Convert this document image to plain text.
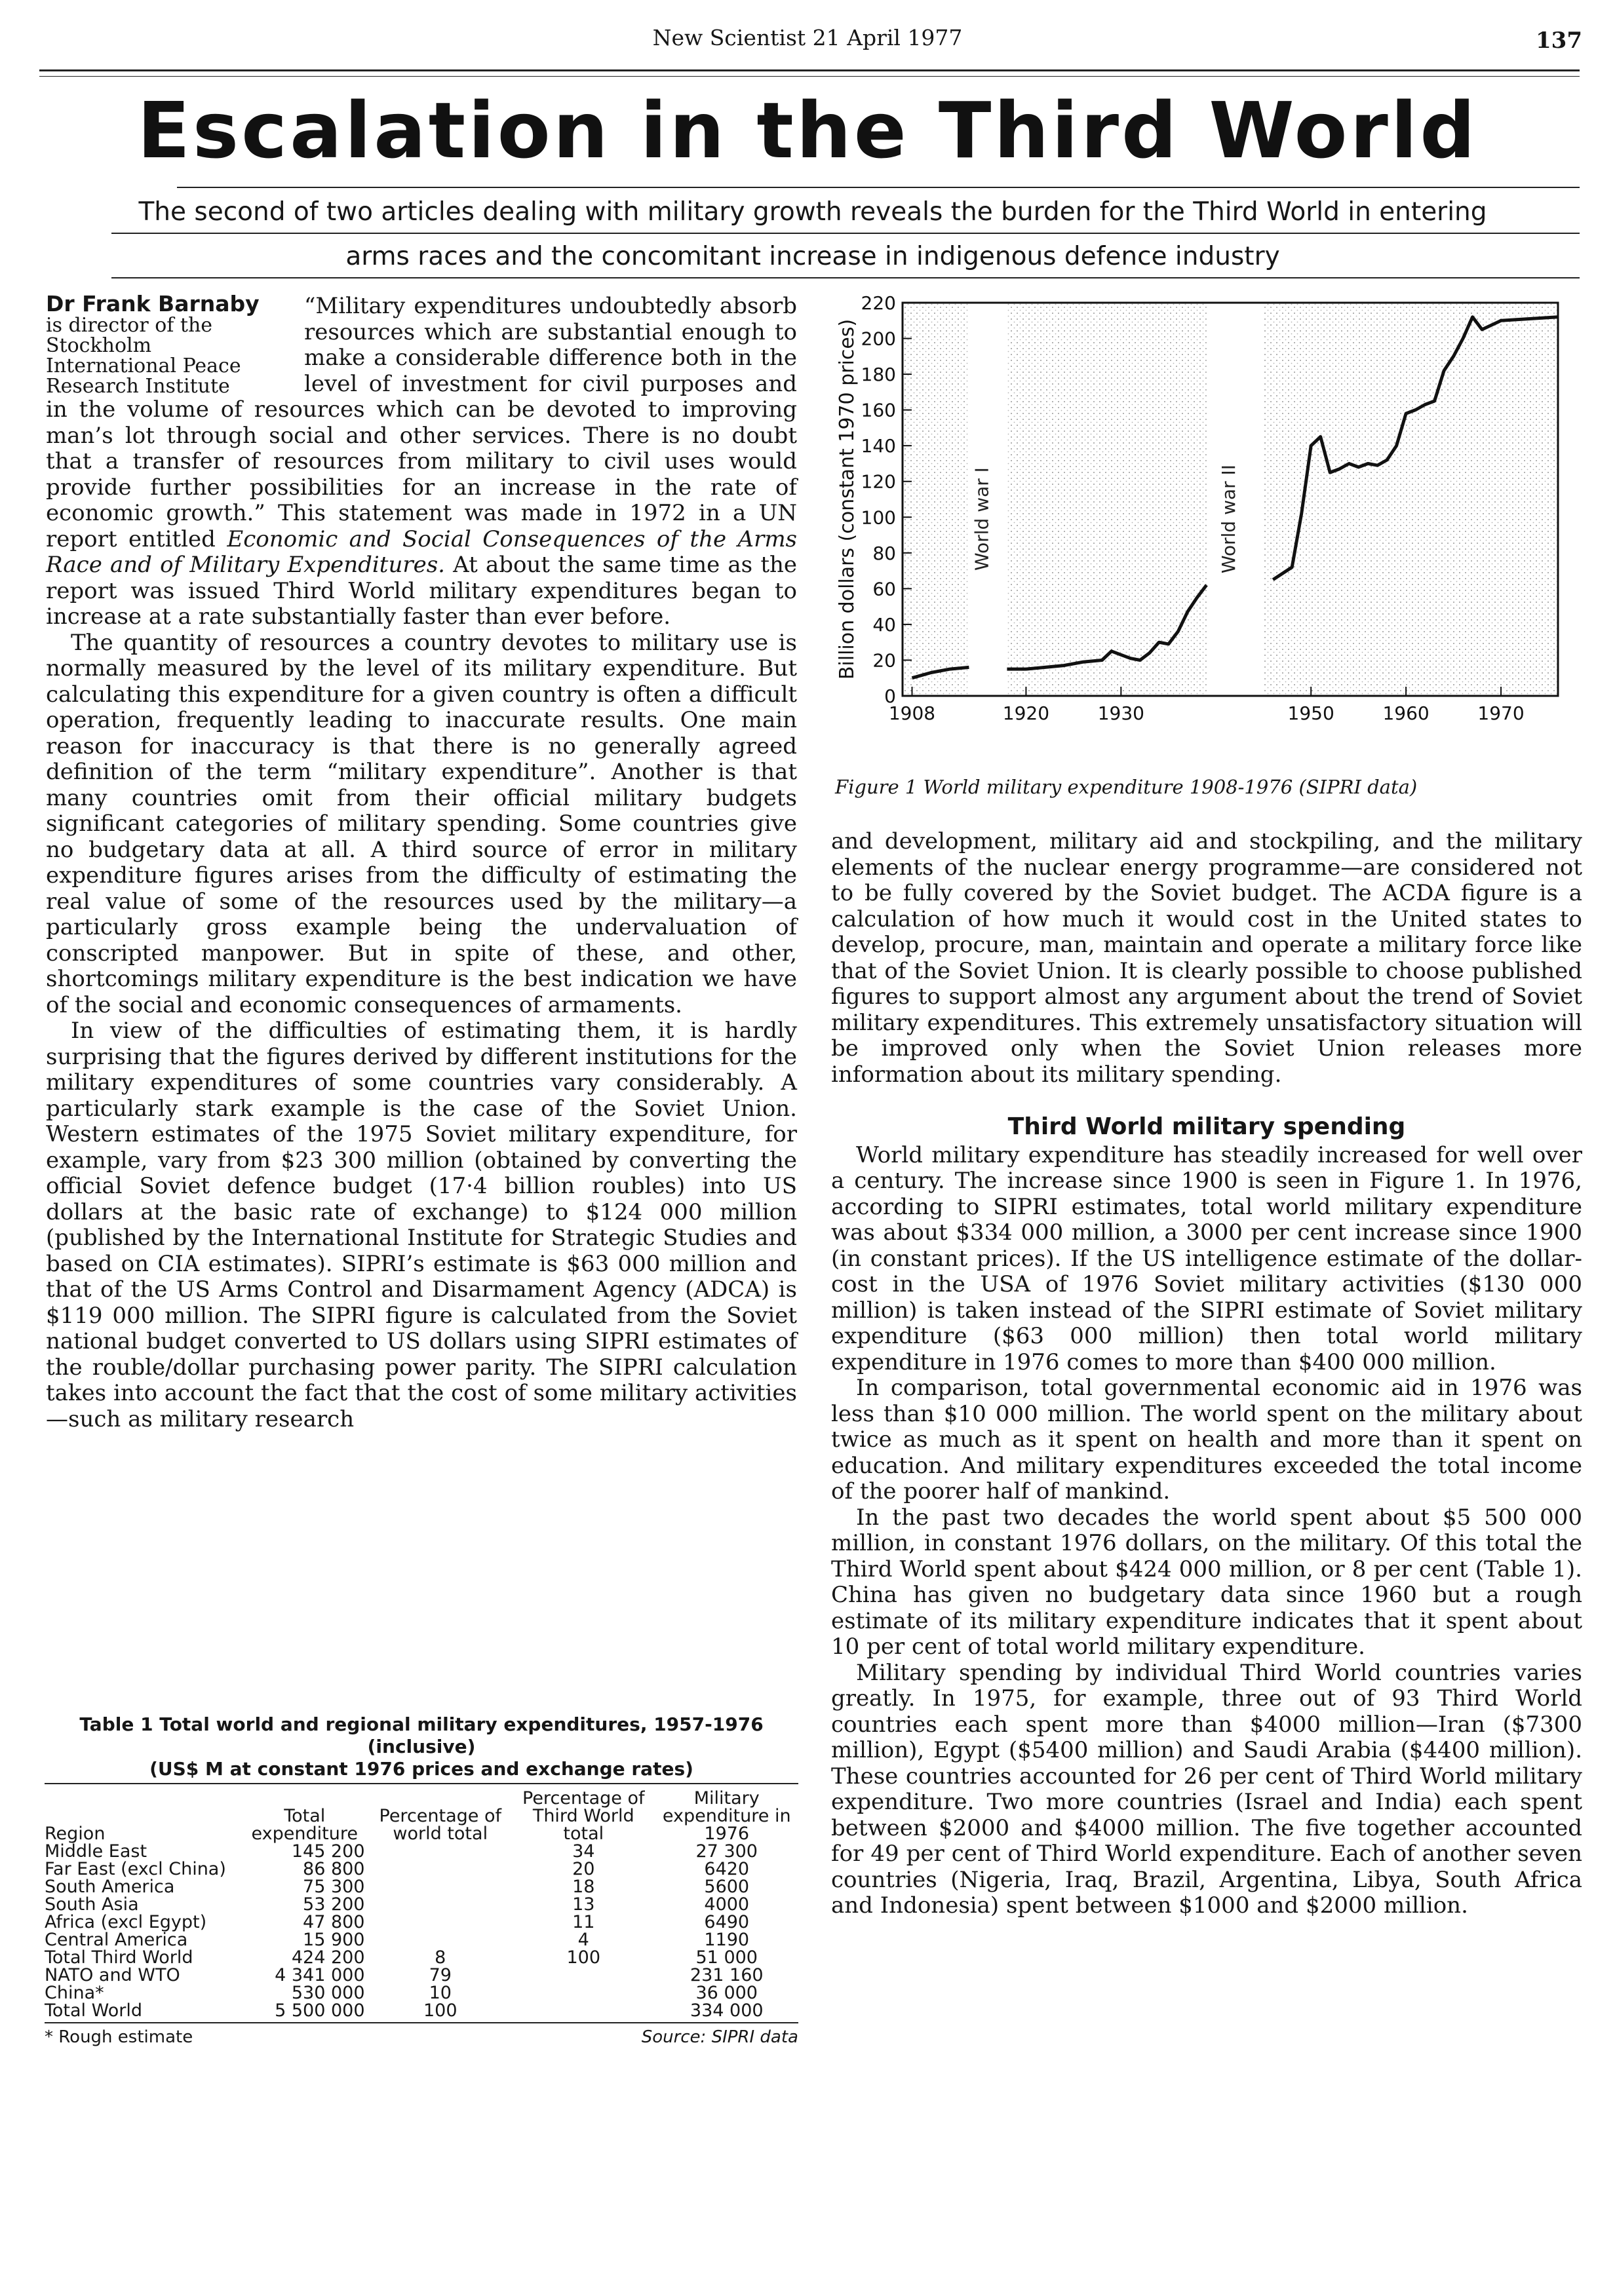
New Scientist 21 April 1977	137
Escalation in the Third World
The second of two articles dealing with military growth reveals the burden for the Third World in entering arms races and the concomitant increase in indigenous defence industry
Dr Frank Barnaby
is director of the Stockholm International Peace Research Institute

“Military expenditures undoubtedly absorb resources which are substantial enough to make a considerable difference both in the level of investment for civil purposes and in the volume of resources which can be devoted to improving man’s lot through social and other services. There is no doubt that a transfer of resources from military to civil uses would provide further possibilities for an increase in the rate of economic growth.” This statement was made in 1972 in a UN report entitled Economic and Social Consequences of the Arms Race and of Military Expenditures. At about the same time as the report was issued Third World military expenditures began to increase at a rate substantially faster than ever before.

The quantity of resources a country devotes to military use is normally measured by the level of its military expenditure. But calculating this expenditure for a given country is often a difficult operation, frequently leading to inaccurate results. One main reason for inaccuracy is that there is no generally agreed definition of the term “military expenditure”. Another is that many countries omit from their official military budgets significant categories of military spending. Some countries give no budgetary data at all. A third source of error in military expenditure figures arises from the difficulty of estimating the real value of some of the resources used by the military—a particularly gross example being the undervaluation of conscripted manpower. But in spite of these, and other, shortcomings military expenditure is the best indication we have of the social and economic consequences of armaments.

In view of the difficulties of estimating them, it is hardly surprising that the figures derived by different institutions for the military expenditures of some countries vary considerably. A particularly stark example is the case of the Soviet Union. Western estimates of the 1975 Soviet military expenditure, for example, vary from $23 300 million (obtained by converting the official Soviet defence budget (17·4 billion roubles) into US dollars at the basic rate of exchange) to $124 000 million (published by the International Institute for Strategic Studies and based on CIA estimates). SIPRI’s estimate is $63 000 million and that of the US Arms Control and Disarmament Agency (ADCA) is $119 000 million. The SIPRI figure is calculated from the Soviet national budget converted to US dollars using SIPRI estimates of the rouble/dollar purchasing power parity. The SIPRI calculation takes into account the fact that the cost of some military activities—such as military research

Table 1 Total world and regional military expenditures, 1957-1976 (inclusive)
(US$ M at constant 1976 prices and exchange rates)
Region	Total expenditure	Percentage of world total	Percentage of Third World total	Military expenditure in 1976
Middle East	145 200		34	27 300
Far East (excl China)	86 800		20	6420
South America	75 300		18	5600
South Asia	53 200		13	4000
Africa (excl Egypt)	47 800		11	6490
Central America	15 900		4	1190
Total Third World	424 200	8	100	51 000
NATO and WTO	4 341 000	79		231 160
China*	530 000	10		36 000
Total World	5 500 000	100		334 000
* Rough estimate	Source: SIPRI data
World war I	World war II
0
20
40
60
80
100
120
140
160
180
200
220
1908	1920	1930	1950	1960	1970
Billion dollars (constant 1970 prices)
Figure 1 World military expenditure 1908-1976 (SIPRI data)

and development, military aid and stockpiling, and the military elements of the nuclear energy programme—are considered not to be fully covered by the Soviet budget. The ACDA figure is a calculation of how much it would cost in the United states to develop, procure, man, maintain and operate a military force like that of the Soviet Union. It is clearly possible to choose published figures to support almost any argument about the trend of Soviet military expenditures. This extremely unsatisfactory situation will be improved only when the Soviet Union releases more information about its military spending.

Third World military spending

World military expenditure has steadily increased for well over a century. The increase since 1900 is seen in Figure 1. In 1976, according to SIPRI estimates, total world military expenditure was about $334 000 million, a 3000 per cent increase since 1900 (in constant prices). If the US intelligence estimate of the dollar-cost in the USA of 1976 Soviet military activities ($130 000 million) is taken instead of the SIPRI estimate of Soviet military expenditure ($63 000 million) then total world military expenditure in 1976 comes to more than $400 000 million.

In comparison, total governmental economic aid in 1976 was less than $10 000 million. The world spent on the military about twice as much as it spent on health and more than it spent on education. And military expenditures exceeded the total income of the poorer half of mankind.

In the past two decades the world spent about $5 500 000 million, in constant 1976 dollars, on the military. Of this total the Third World spent about $424 000 million, or 8 per cent (Table 1). China has given no budgetary data since 1960 but a rough estimate of its military expenditure indicates that it spent about 10 per cent of total world military expenditure.

Military spending by individual Third World countries varies greatly. In 1975, for example, three out of 93 Third World countries each spent more than $4000 million—Iran ($7300 million), Egypt ($5400 million) and Saudi Arabia ($4400 million). These countries accounted for 26 per cent of Third World military expenditure. Two more countries (Israel and India) each spent between $2000 and $4000 million. The five together accounted for 49 per cent of Third World expenditure. Each of another seven countries (Nigeria, Iraq, Brazil, Argentina, Libya, South Africa and Indonesia) spent between $1000 and $2000 million.
